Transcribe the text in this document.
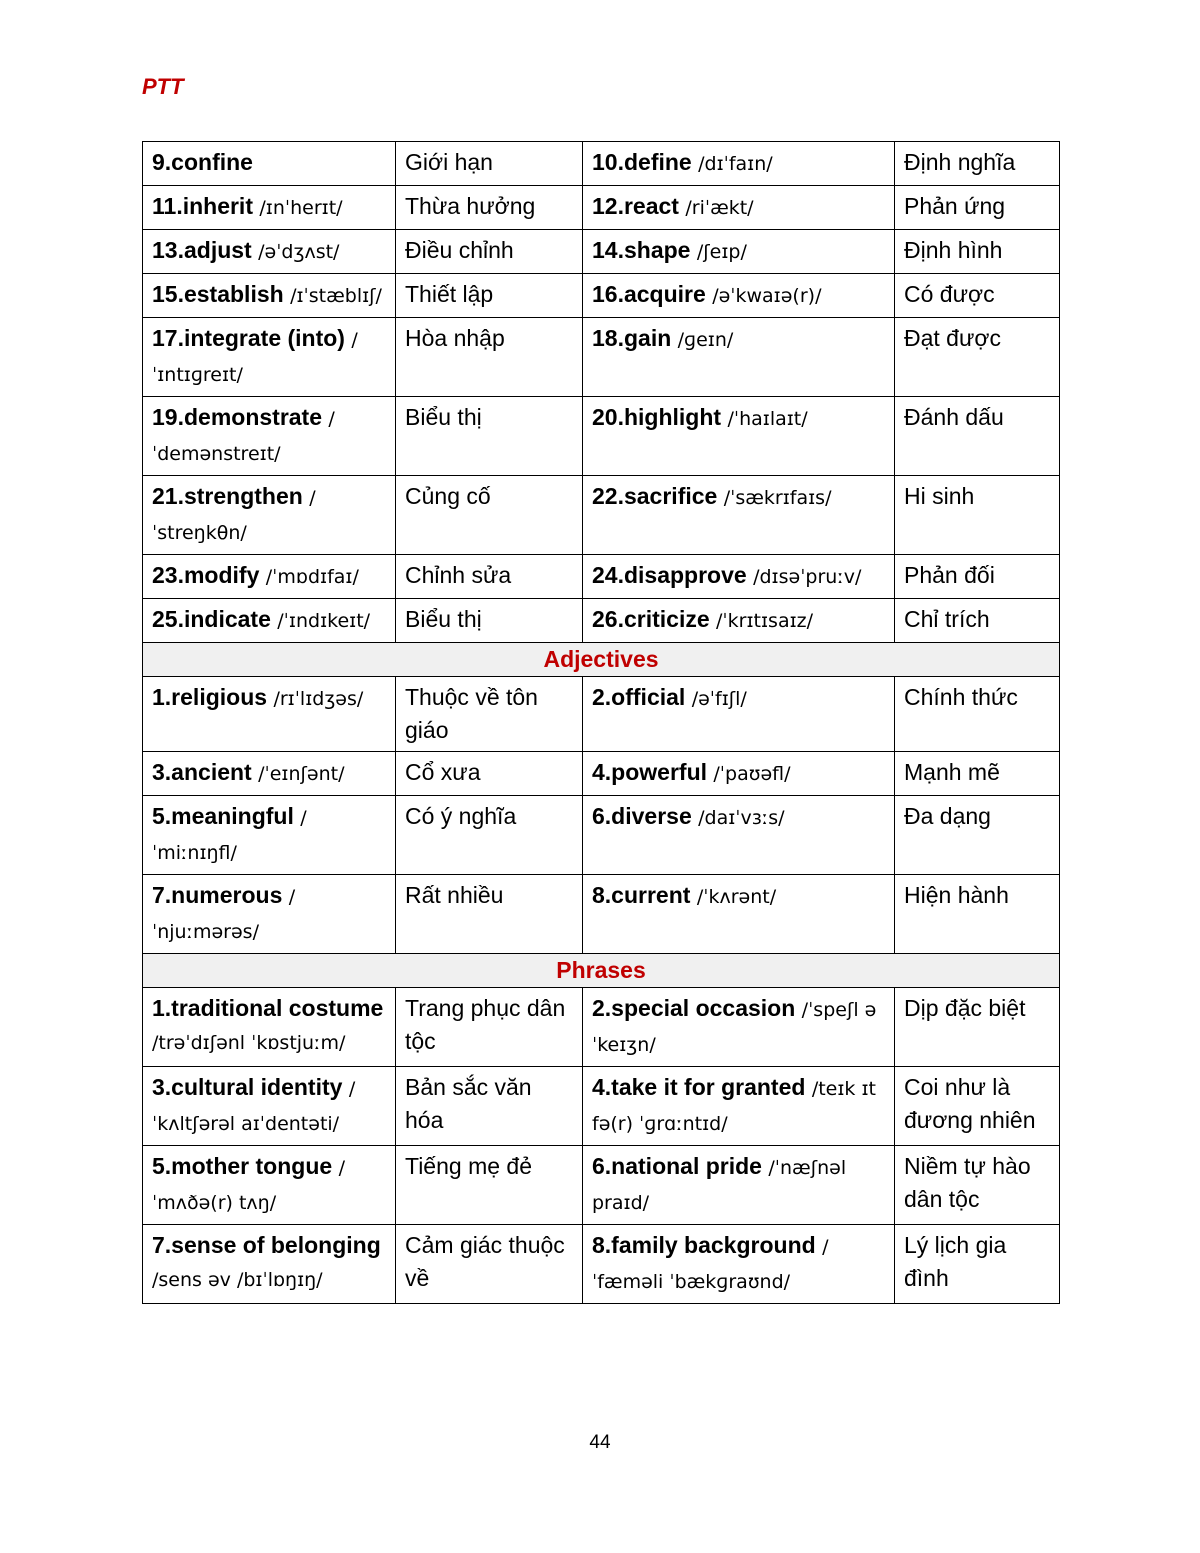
PTT
9.confine	Giới hạn	10.define /dɪˈfaɪn/	Định nghĩa
11.inherit /ɪnˈherɪt/	Thừa hưởng	12.react /riˈækt/	Phản ứng
13.adjust /əˈdʒʌst/	Điều chỉnh	14.shape /ʃeɪp/	Định hình
15.establish /ɪˈstæblɪʃ/	Thiết lập	16.acquire /əˈkwaɪə(r)/	Có được
17.integrate (into) /ˈɪntɪɡreɪt/	Hòa nhập	18.gain /ɡeɪn/	Đạt được
19.demonstrate /ˈdemənstreɪt/	Biểu thị	20.highlight /ˈhaɪlaɪt/	Đánh dấu
21.strengthen /ˈstreŋkθn/	Củng cố	22.sacrifice /ˈsækrɪfaɪs/	Hi sinh
23.modify /ˈmɒdɪfaɪ/	Chỉnh sửa	24.disapprove /dɪsəˈpruːv/	Phản đối
25.indicate /ˈɪndɪkeɪt/	Biểu thị	26.criticize /ˈkrɪtɪsaɪz/	Chỉ trích
Adjectives			
1.religious /rɪˈlɪdʒəs/	Thuộc về tôn giáo	2.official /əˈfɪʃl/	Chính thức
3.ancient /ˈeɪnʃənt/	Cổ xưa	4.powerful /ˈpaʊəfl/	Mạnh mẽ
5.meaningful /ˈmiːnɪŋfl/	Có ý nghĩa	6.diverse /daɪˈvɜːs/	Đa dạng
7.numerous /ˈnjuːmərəs/	Rất nhiều	8.current /ˈkʌrənt/	Hiện hành
Phrases			
1.traditional costume /trəˈdɪʃənl ˈkɒstjuːm/	Trang phục dân tộc	2.special occasion /ˈspeʃl əˈkeɪʒn/	Dịp đặc biệt
3.cultural identity /ˈkʌltʃərəl aɪˈdentəti/	Bản sắc văn hóa	4.take it for granted /teɪk ɪt fə(r) ˈɡrɑːntɪd/	Coi như là đương nhiên
5.mother tongue /ˈmʌðə(r) tʌŋ/	Tiếng mẹ đẻ	6.national pride /ˈnæʃnəl praɪd/	Niềm tự hào dân tộc
7.sense of belonging /sens əv /bɪˈlɒŋɪŋ/	Cảm giác thuộc về	8.family background /ˈfæməli ˈbækɡraʊnd/	Lý lịch gia đình
44
